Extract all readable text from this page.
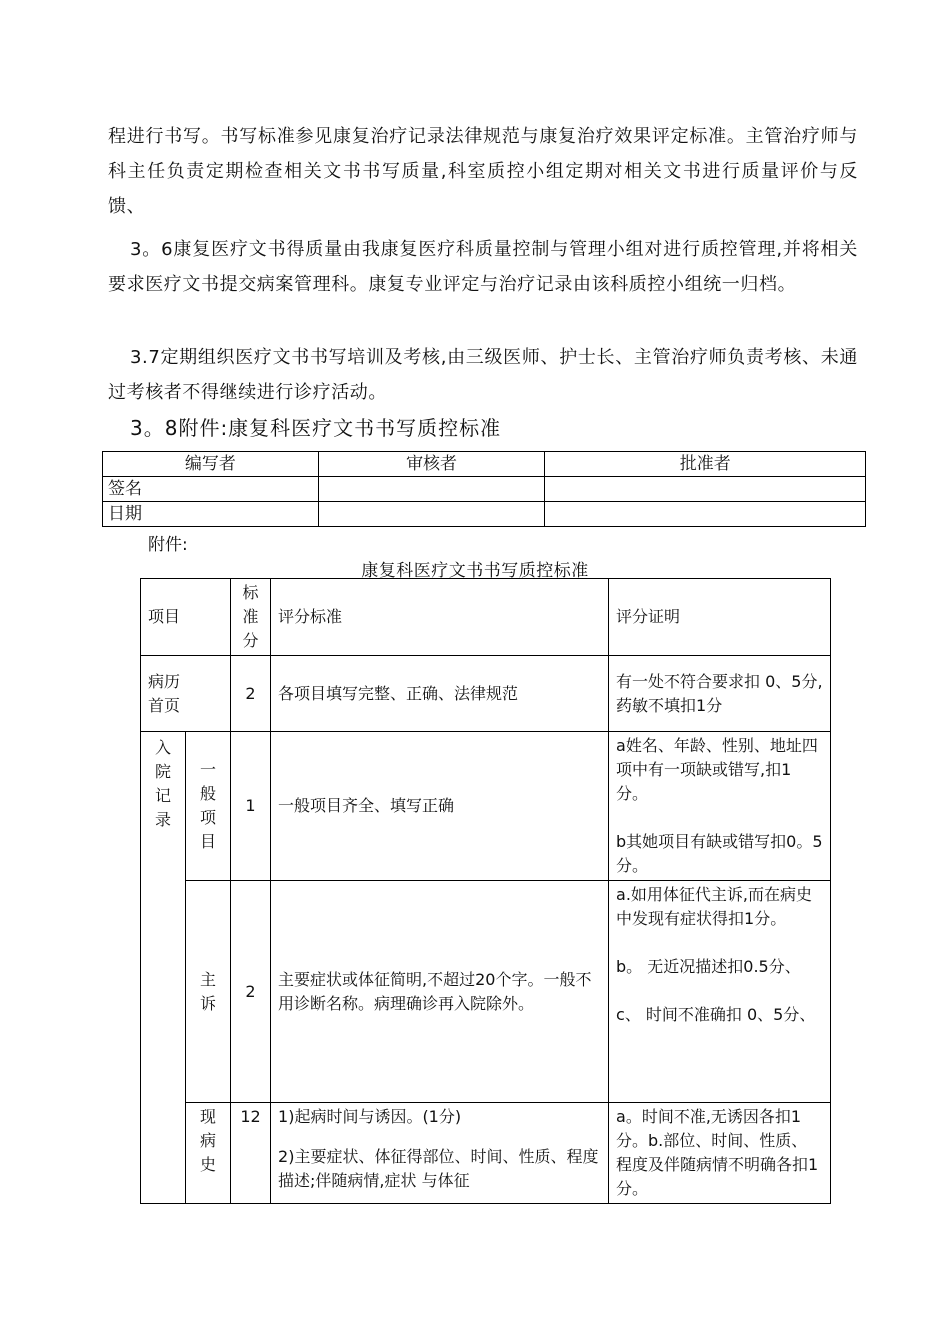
程进行书写。书写标准参见康复治疗记录法律规范与康复治疗效果评定标准。主管治疗师与科主任负责定期检查相关文书书写质量,科室质控小组定期对相关文书进行质量评价与反馈、
3。6康复医疗文书得质量由我康复医疗科质量控制与管理小组对进行质控管理,并将相关要求医疗文书提交病案管理科。康复专业评定与治疗记录由该科质控小组统一归档。
3.7定期组织医疗文书书写培训及考核,由三级医师、护士长、主管治疗师负责考核、未通过考核者不得继续进行诊疗活动。
3。8附件:康复科医疗文书书写质控标准
编写者	审核者	批准者
签名		
日期		
附件:
康复科医疗文书书写质控标准
项目		标准分	评分标准	评分证明

病历首页		2	各项目填写完整、正确、法律规范	有一处不符合要求扣 0、5分,药敏不填扣1分

入院记录	一般项目	1	一般项目齐全、填写正确	a姓名、年龄、性别、地址四项中有一项缺或错写,扣1分。
b其她项目有缺或错写扣0。5分。

	主诉	2	主要症状或体征简明,不超过20个字。一般不用诊断名称。病理确诊再入院除外。	a.如用体征代主诉,而在病史中发现有症状得扣1分。
b。 无近况描述扣0.5分、
c、 时间不准确扣 0、5分、

	现病史	12	1)起病时间与诱因。(1分)
2)主要症状、体征得部位、时间、性质、程度描述;伴随病情,症状 与体征	a。时间不准,无诱因各扣1分。b.部位、时间、性质、程度及伴随病情不明确各扣1分。
